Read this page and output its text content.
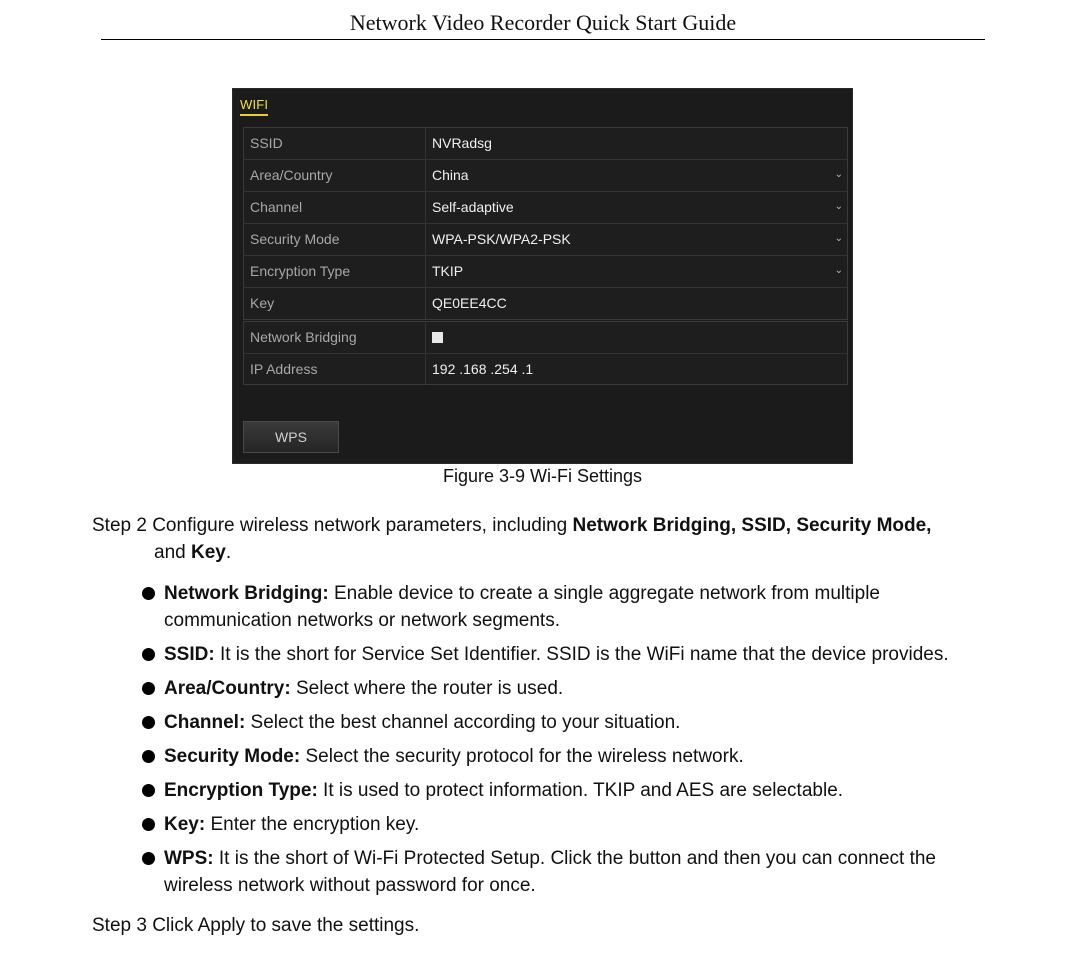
Network Video Recorder Quick Start Guide
WIFI
SSID	NVRadsg
Area/Country	China	⌄
Channel	Self-adaptive	⌄
Security Mode	WPA-PSK/WPA2-PSK	⌄
Encryption Type	TKIP	⌄
Key	QE0EE4CC
Network Bridging
IP Address	192 .168 .254 .1
WPS
Figure 3-9 Wi-Fi Settings
Step 2 Configure wireless network parameters, including Network Bridging, SSID, Security Mode,
and Key.
Network Bridging: Enable device to create a single aggregate network from multiple communication networks or network segments.
SSID: It is the short for Service Set Identifier. SSID is the WiFi name that the device provides.
Area/Country: Select where the router is used.
Channel: Select the best channel according to your situation.
Security Mode: Select the security protocol for the wireless network.
Encryption Type: It is used to protect information. TKIP and AES are selectable.
Key: Enter the encryption key.
WPS: It is the short of Wi-Fi Protected Setup. Click the button and then you can connect the wireless network without password for once.
Step 3 Click Apply to save the settings.
